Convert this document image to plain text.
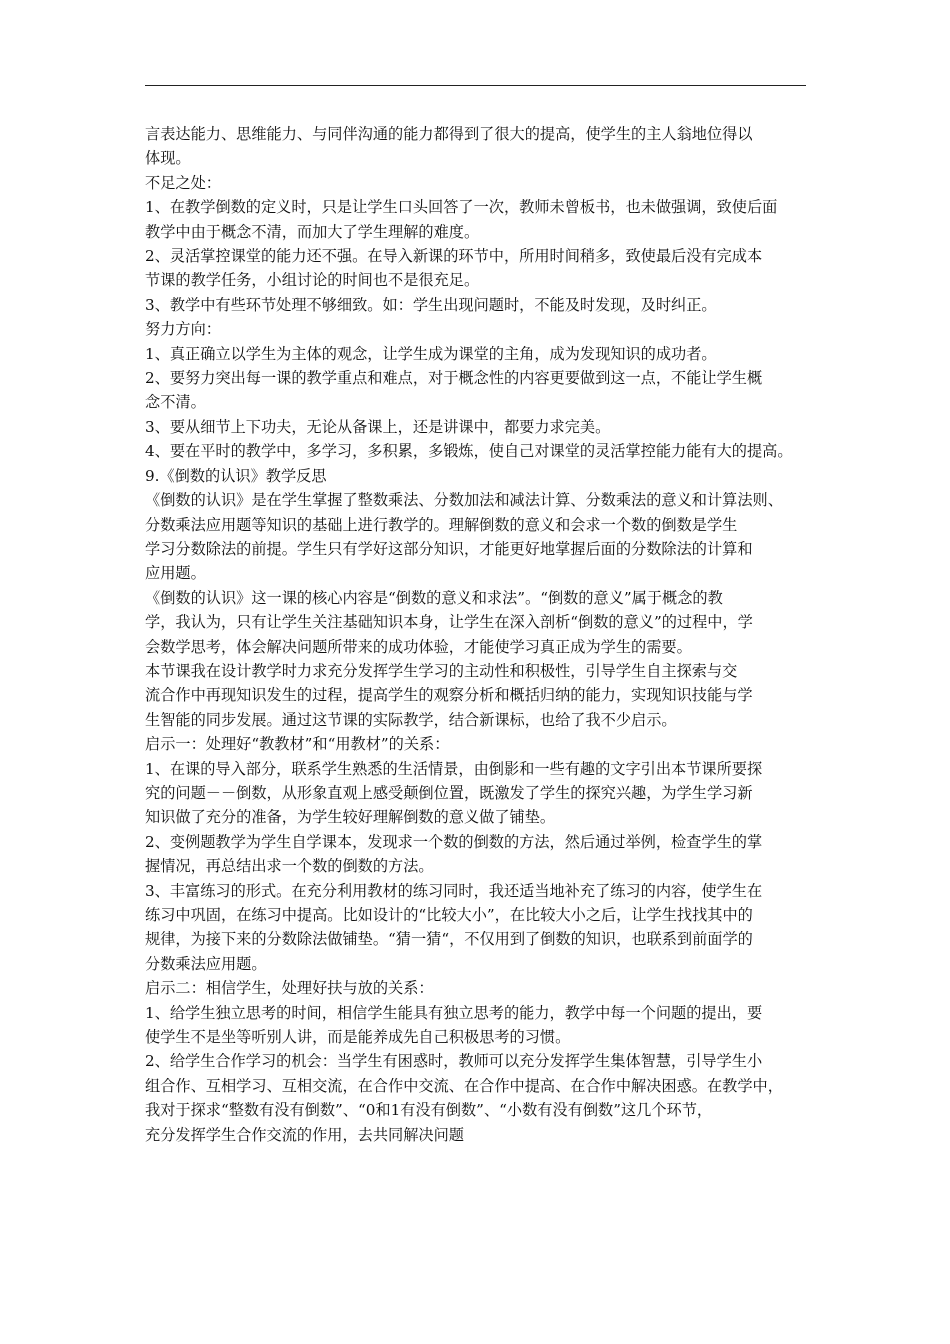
言表达能力、思维能力、与同伴沟通的能力都得到了很大的提高，使学生的主人翁地位得以

体现。

不足之处：

1、在教学倒数的定义时，只是让学生口头回答了一次，教师未曾板书，也未做强调，致使后面

教学中由于概念不清，而加大了学生理解的难度。

2、灵活掌控课堂的能力还不强。在导入新课的环节中，所用时间稍多，致使最后没有完成本

节课的教学任务，小组讨论的时间也不是很充足。

3、教学中有些环节处理不够细致。如：学生出现问题时，不能及时发现，及时纠正。

努力方向：

1、真正确立以学生为主体的观念，让学生成为课堂的主角，成为发现知识的成功者。

2、要努力突出每一课的教学重点和难点，对于概念性的内容更要做到这一点，不能让学生概

念不清。

3、要从细节上下功夫，无论从备课上，还是讲课中，都要力求完美。

4、要在平时的教学中，多学习，多积累，多锻炼，使自己对课堂的灵活掌控能力能有大的提高。

9.《倒数的认识》教学反思

《倒数的认识》是在学生掌握了整数乘法、分数加法和减法计算、分数乘法的意义和计算法则、

分数乘法应用题等知识的基础上进行教学的。理解倒数的意义和会求一个数的倒数是学生

学习分数除法的前提。学生只有学好这部分知识，才能更好地掌握后面的分数除法的计算和

应用题。

《倒数的认识》这一课的核心内容是“倒数的意义和求法”。“倒数的意义”属于概念的教

学，我认为，只有让学生关注基础知识本身，让学生在深入剖析“倒数的意义”的过程中，学

会数学思考，体会解决问题所带来的成功体验，才能使学习真正成为学生的需要。

本节课我在设计教学时力求充分发挥学生学习的主动性和积极性，引导学生自主探索与交

流合作中再现知识发生的过程，提高学生的观察分析和概括归纳的能力，实现知识技能与学

生智能的同步发展。通过这节课的实际教学，结合新课标，也给了我不少启示。

启示一：处理好“教教材”和“用教材”的关系：

1、在课的导入部分，联系学生熟悉的生活情景，由倒影和一些有趣的文字引出本节课所要探

究的问题－－倒数，从形象直观上感受颠倒位置，既激发了学生的探究兴趣，为学生学习新

知识做了充分的准备，为学生较好理解倒数的意义做了铺垫。

2、变例题教学为学生自学课本，发现求一个数的倒数的方法，然后通过举例，检查学生的掌

握情况，再总结出求一个数的倒数的方法。

3、丰富练习的形式。在充分利用教材的练习同时，我还适当地补充了练习的内容，使学生在

练习中巩固，在练习中提高。比如设计的“比较大小”，在比较大小之后，让学生找找其中的

规律，为接下来的分数除法做铺垫。“猜一猜“，不仅用到了倒数的知识，也联系到前面学的

分数乘法应用题。

启示二：相信学生，处理好扶与放的关系：

1、给学生独立思考的时间，相信学生能具有独立思考的能力，教学中每一个问题的提出，要

使学生不是坐等听别人讲，而是能养成先自己积极思考的习惯。

2、给学生合作学习的机会：当学生有困惑时，教师可以充分发挥学生集体智慧，引导学生小

组合作、互相学习、互相交流，在合作中交流、在合作中提高、在合作中解决困惑。在教学中，

我对于探求“整数有没有倒数”、“0和1有没有倒数”、“小数有没有倒数”这几个环节，

充分发挥学生合作交流的作用，去共同解决问题
